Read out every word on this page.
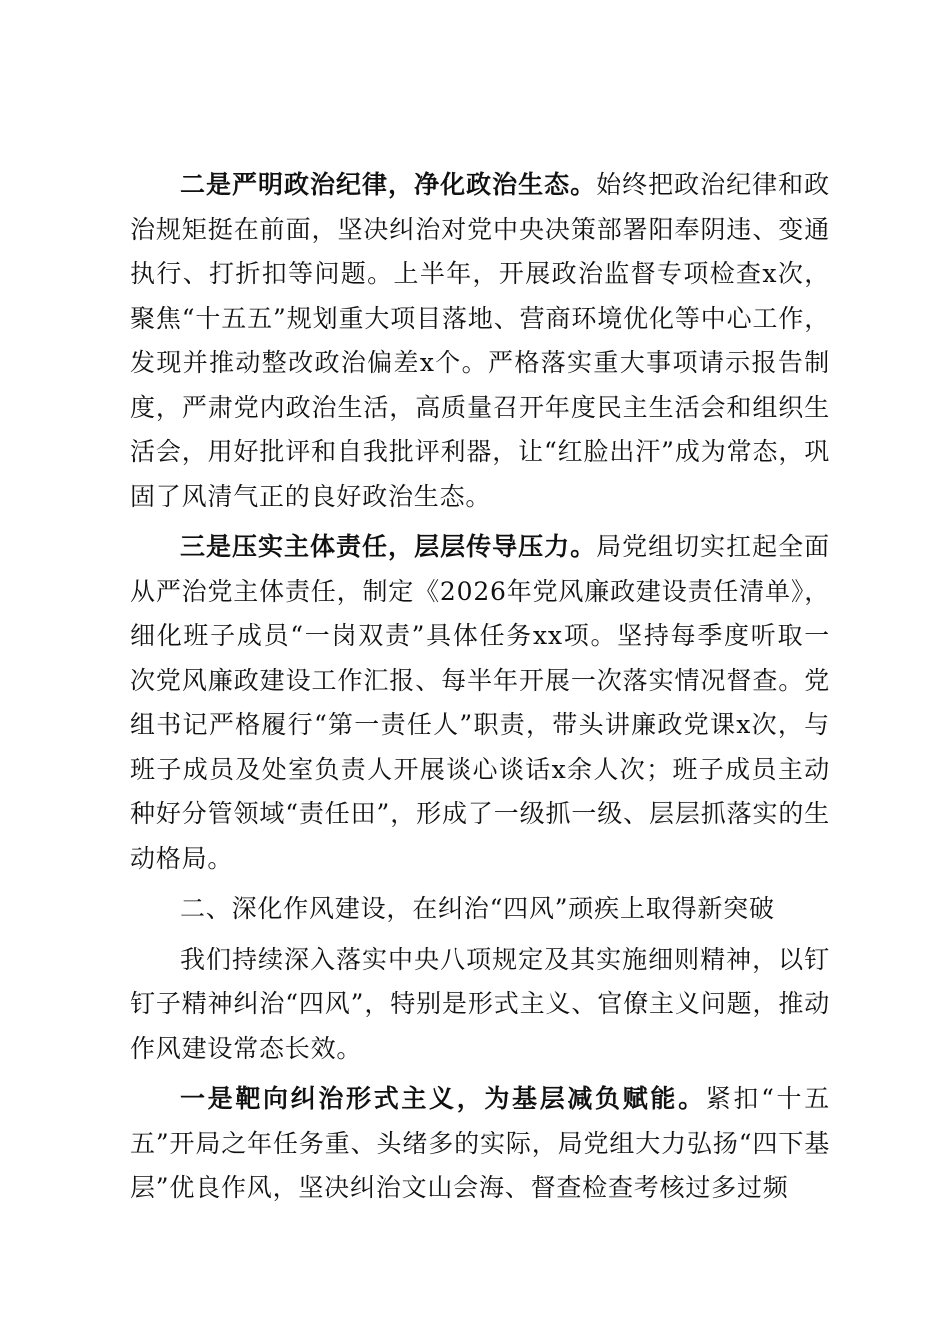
二是严明政治纪律，净化政治生态。始终把政治纪律和政治规矩挺在前面，坚决纠治对党中央决策部署阳奉阴违、变通执行、打折扣等问题。上半年，开展政治监督专项检查x次，聚焦“十五五”规划重大项目落地、营商环境优化等中心工作，发现并推动整改政治偏差x个。严格落实重大事项请示报告制度，严肃党内政治生活，高质量召开年度民主生活会和组织生活会，用好批评和自我批评利器，让“红脸出汗”成为常态，巩固了风清气正的良好政治生态。

三是压实主体责任，层层传导压力。局党组切实扛起全面从严治党主体责任，制定《2026年党风廉政建设责任清单》，细化班子成员“一岗双责”具体任务xx项。坚持每季度听取一次党风廉政建设工作汇报、每半年开展一次落实情况督查。党组书记严格履行“第一责任人”职责，带头讲廉政党课x次，与班子成员及处室负责人开展谈心谈话x余人次；班子成员主动种好分管领域“责任田”，形成了一级抓一级、层层抓落实的生动格局。

二、深化作风建设，在纠治“四风”顽疾上取得新突破

我们持续深入落实中央八项规定及其实施细则精神，以钉钉子精神纠治“四风”，特别是形式主义、官僚主义问题，推动作风建设常态长效。

一是靶向纠治形式主义，为基层减负赋能。紧扣“十五五”开局之年任务重、头绪多的实际，局党组大力弘扬“四下基层”优良作风，坚决纠治文山会海、督查检查考核过多过频
